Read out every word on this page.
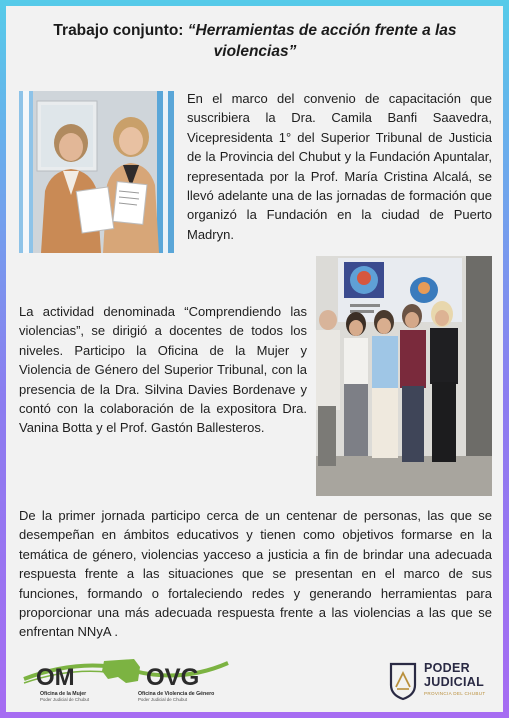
Trabajo conjunto: “Herramientas de acción frente a las violencias”
En el marco del convenio de capacitación que suscribiera la Dra. Camila Banfi Saavedra, Vicepresidenta 1° del Superior Tribunal de Justicia de la Provincia del Chubut y la Fundación Apuntalar, representada por la Prof. María Cristina Alcalá, se llevó adelante una de las jornadas de formación que organizó la Fundación en la ciudad de Puerto Madryn.
La actividad denominada “Comprendiendo las violencias”, se dirigió a docentes de todos los niveles. Participo la Oficina de la Mujer y Violencia de Género del Superior Tribunal, con la presencia de la Dra. Silvina Davies Bordenave y contó con la colaboración de la expositora Dra. Vanina Botta y el Prof. Gastón Ballesteros.
De la primer jornada participo cerca de un centenar de personas, las que se desempeñan en ámbitos educativos y tienen como objetivos formarse en la temática de género, violencias yacceso a justicia a fin de brindar una adecuada respuesta frente a las situaciones que se presentan en el marco de sus funciones, formando o fortaleciendo redes y generando herramientas para proporcionar una más adecuada respuesta frente a las violencias a las que se enfrentan NNyA .
OM	OVG
Oficina de la Mujer
Poder Judicial de Chubut
Oficina de Violencia de Género
Poder Judicial de Chubut
PODER
JUDICIAL
PROVINCIA DEL CHUBUT
